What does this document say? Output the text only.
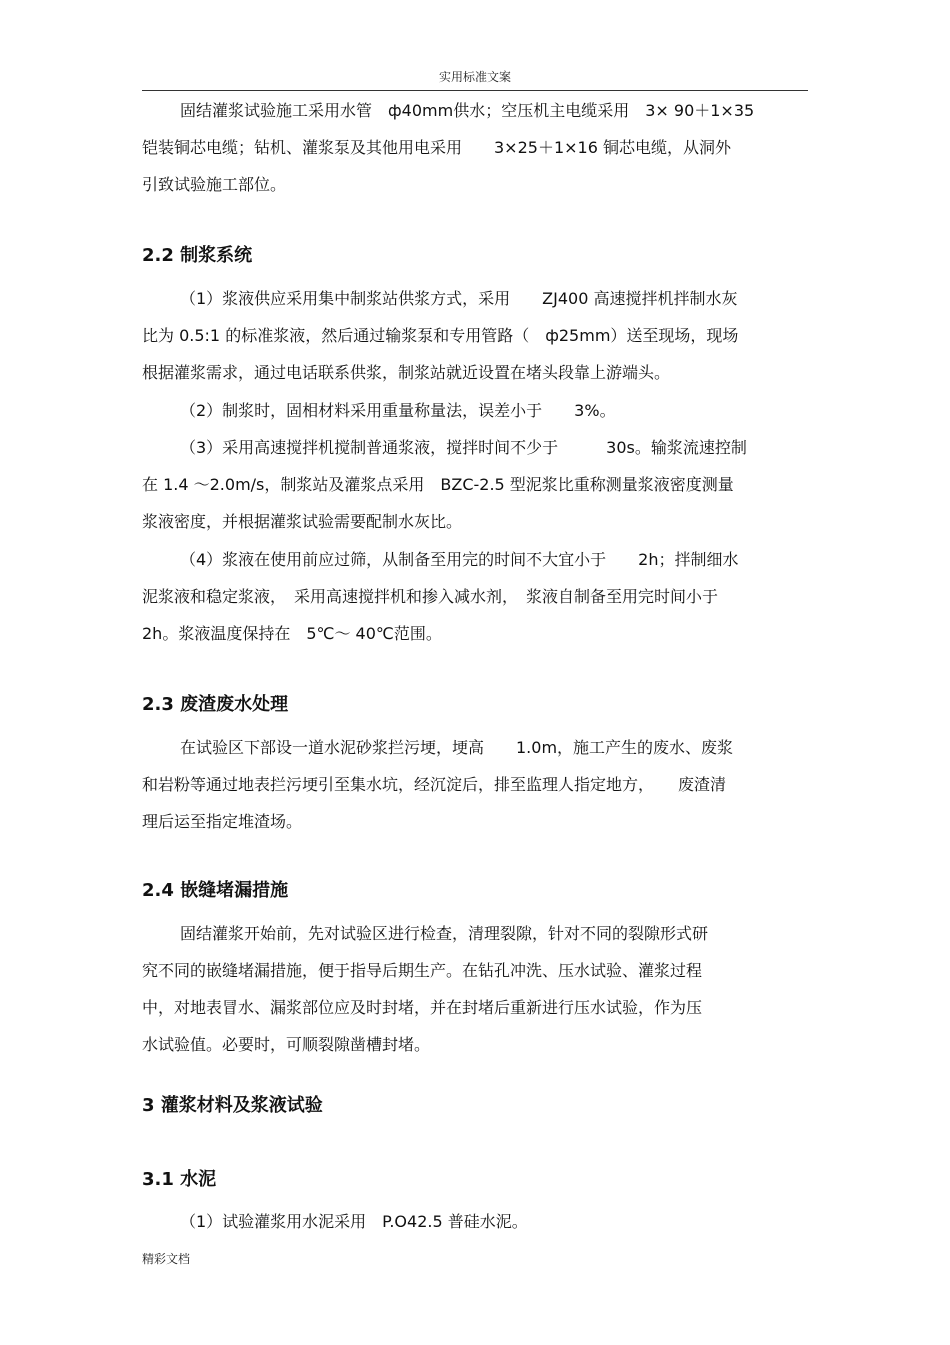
实用标准文案

固结灌浆试验施工采用水管　ф40mm供水；空压机主电缆采用　3× 90＋1×35
铠装铜芯电缆；钻机、灌浆泵及其他用电采用　　3×25＋1×16 铜芯电缆，从洞外
引致试验施工部位。

2.2 制浆系统

（1）浆液供应采用集中制浆站供浆方式，采用　　ZJ400 高速搅拌机拌制水灰
比为 0.5:1 的标准浆液，然后通过输浆泵和专用管路（　ф25mm）送至现场，现场
根据灌浆需求，通过电话联系供浆，制浆站就近设置在堵头段靠上游端头。

（2）制浆时，固相材料采用重量称量法，误差小于　　3%。

（3）采用高速搅拌机搅制普通浆液，搅拌时间不少于　　　30s。输浆流速控制
在 1.4 ～2.0m/s，制浆站及灌浆点采用　BZC-2.5 型泥浆比重称测量浆液密度测量
浆液密度，并根据灌浆试验需要配制水灰比。

（4）浆液在使用前应过筛，从制备至用完的时间不大宜小于　　2h；拌制细水
泥浆液和稳定浆液，　采用高速搅拌机和掺入减水剂，　浆液自制备至用完时间小于
2h。浆液温度保持在　5℃～ 40℃范围。

2.3 废渣废水处理

在试验区下部设一道水泥砂浆拦污埂，埂高　　1.0m，施工产生的废水、废浆
和岩粉等通过地表拦污埂引至集水坑，经沉淀后，排至监理人指定地方，　　废渣清
理后运至指定堆渣场。

2.4 嵌缝堵漏措施

固结灌浆开始前，先对试验区进行检查，清理裂隙，针对不同的裂隙形式研
究不同的嵌缝堵漏措施，便于指导后期生产。在钻孔冲洗、压水试验、灌浆过程
中，对地表冒水、漏浆部位应及时封堵，并在封堵后重新进行压水试验，作为压
水试验值。必要时，可顺裂隙凿槽封堵。

3 灌浆材料及浆液试验
3.1 水泥

（1）试验灌浆用水泥采用　P.O42.5 普硅水泥。

精彩文档
